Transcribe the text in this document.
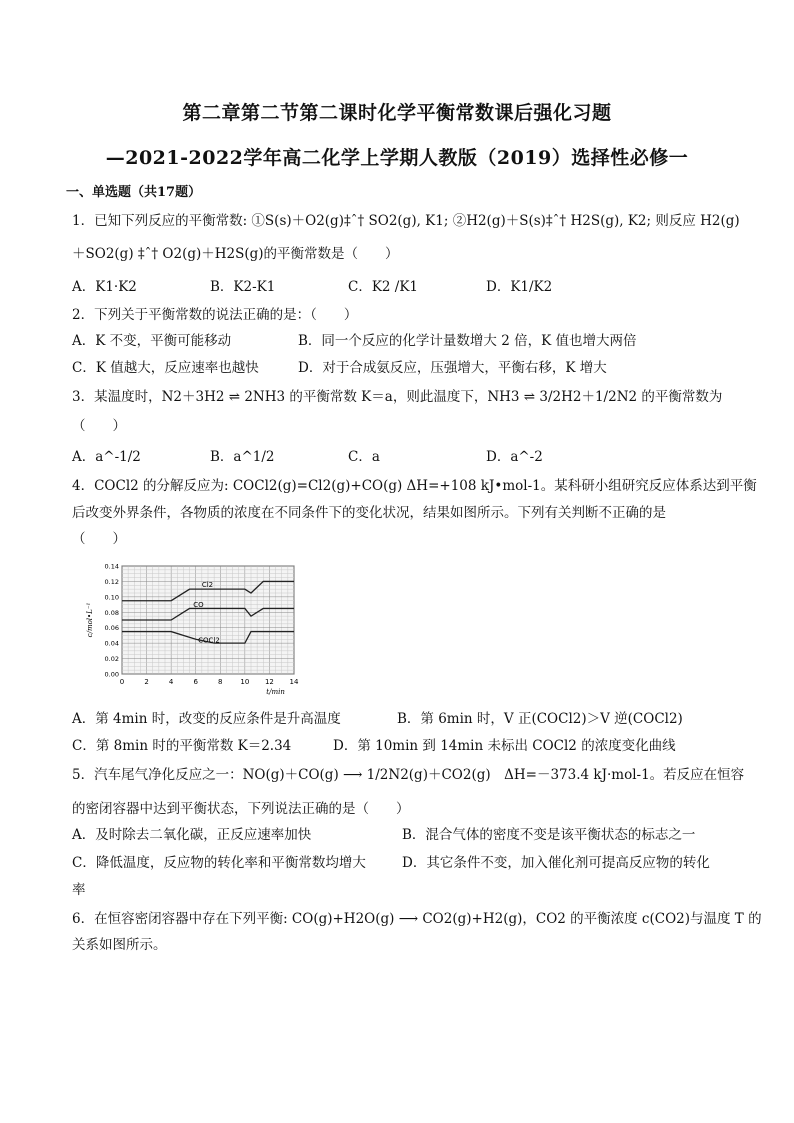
第二章第二节第二课时化学平衡常数课后强化习题
—2021-2022学年高二化学上学期人教版（2019）选择性必修一
一、单选题（共17题）
1．已知下列反应的平衡常数: ①S(s)＋O2(g)‡ˆ† SO2(g), K1; ②H2(g)＋S(s)‡ˆ† H2S(g), K2; 则反应 H2(g)
＋SO2(g) ‡ˆ† O2(g)＋H2S(g)的平衡常数是（　　）
A．K1·K2	B．K2-K1	C．K2 /K1	D．K1/K2
2．下列关于平衡常数的说法正确的是：（　　）
A．K 不变，平衡可能移动	B．同一个反应的化学计量数增大 2 倍，K 值也增大两倍
C．K 值越大，反应速率也越快	D．对于合成氨反应，压强增大，平衡右移，K 增大
3．某温度时，N2＋3H2 ⇌ 2NH3 的平衡常数 K＝a，则此温度下，NH3 ⇌ 3/2H2＋1/2N2 的平衡常数为
（　　）
A．a^-1/2	B．a^1/2	C．a	D．a^-2
4．COCl2 的分解反应为: COCl2(g)=Cl2(g)+CO(g) ΔH=+108 kJ•mol-1。某科研小组研究反应体系达到平衡
后改变外界条件，各物质的浓度在不同条件下的变化状况，结果如图所示。下列有关判断不正确的是
（　　）
0	2	4	6	8	10 12 14
0.00
0.02
0.04
0.06
0.08
0.10
0.12
0.14
t/min
c/mol•L⁻¹
Cl2
CO
COCl2
A．第 4min 时，改变的反应条件是升高温度	B．第 6min 时，V 正(COCl2)＞V 逆(COCl2)
C．第 8min 时的平衡常数 K＝2.34	D．第 10min 到 14min 未标出 COCl2 的浓度变化曲线
5．汽车尾气净化反应之一：NO(g)＋CO(g) ⟶ 1/2N2(g)＋CO2(g)　ΔH=－373.4 kJ·mol-1。若反应在恒容
的密闭容器中达到平衡状态，下列说法正确的是（　　）
A．及时除去二氧化碳，正反应速率加快	B．混合气体的密度不变是该平衡状态的标志之一
C．降低温度，反应物的转化率和平衡常数均增大	D．其它条件不变，加入催化剂可提高反应物的转化
率
6．在恒容密闭容器中存在下列平衡: CO(g)+H2O(g) ⟶ CO2(g)+H2(g)，CO2 的平衡浓度 c(CO2)与温度 T 的
关系如图所示。
